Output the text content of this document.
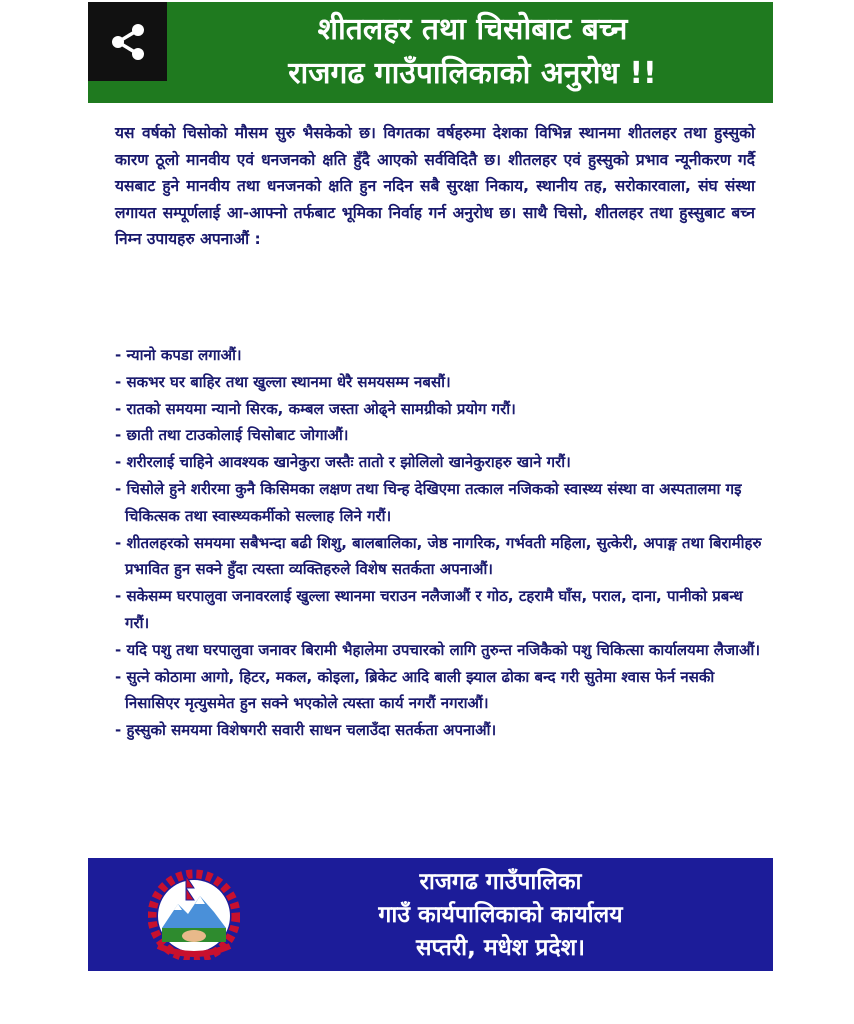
शीतलहर तथा चिसोबाट बच्न
राजगढ गाउँपालिकाको अनुरोध !!

यस वर्षको चिसोको मौसम सुरु भैसकेको छ। विगतका वर्षहरुमा देशका विभिन्न स्थानमा शीतलहर तथा हुस्सुको कारण ठूलो मानवीय एवं धनजनको क्षति हुँदै आएको सर्वविदितै छ। शीतलहर एवं हुस्सुको प्रभाव न्यूनीकरण गर्दै यसबाट हुने मानवीय तथा धनजनको क्षति हुन नदिन सबै सुरक्षा निकाय, स्थानीय तह, सरोकारवाला, संघ संस्था लगायत सम्पूर्णलाई आ-आफ्नो तर्फबाट भूमिका निर्वाह गर्न अनुरोध छ। साथै चिसो, शीतलहर तथा हुस्सुबाट बच्न निम्न उपायहरु अपनाऔं :

- न्यानो कपडा लगाऔं।
- सकभर घर बाहिर तथा खुल्ला स्थानमा धेरै समयसम्म नबसौं।
- रातको समयमा न्यानो सिरक, कम्बल जस्ता ओढ्ने सामग्रीको प्रयोग गरौं।
- छाती तथा टाउकोलाई चिसोबाट जोगाऔं।
- शरीरलाई चाहिने आवश्यक खानेकुरा जस्तैः तातो र झोलिलो खानेकुराहरु खाने गरौं।
- चिसोले हुने शरीरमा कुनै किसिमका लक्षण तथा चिन्ह देखिएमा तत्काल नजिकको स्वास्थ्य संस्था वा अस्पतालमा गइ चिकित्सक तथा स्वास्थ्यकर्मीको सल्लाह लिने गरौं।
- शीतलहरको समयमा सबैभन्दा बढी शिशु, बालबालिका, जेष्ठ नागरिक, गर्भवती महिला, सुत्केरी, अपाङ्ग तथा बिरामीहरु प्रभावित हुन सक्ने हुँदा त्यस्ता व्यक्तिहरुले विशेष सतर्कता अपनाऔं।
- सकेसम्म घरपालुवा जनावरलाई खुल्ला स्थानमा चराउन नलैजाऔं र गोठ, टहरामै घाँस, पराल, दाना, पानीको प्रबन्ध गरौं।
- यदि पशु तथा घरपालुवा जनावर बिरामी भैहालेमा उपचारको लागि तुरुन्त नजिकैको पशु चिकित्सा कार्यालयमा लैजाऔं।
- सुत्ने कोठामा आगो, हिटर, मकल, कोइला, ब्रिकेट आदि बाली झ्याल ढोका बन्द गरी सुतेमा श्वास फेर्न नसकी निसासिएर मृत्युसमेत हुन सक्ने भएकोले त्यस्ता कार्य नगरौं नगराऔं।
- हुस्सुको समयमा विशेषगरी सवारी साधन चलाउँदा सतर्कता अपनाऔं।
राजगढ गाउँपालिका
गाउँ कार्यपालिकाको कार्यालय
सप्तरी, मधेश प्रदेश।
